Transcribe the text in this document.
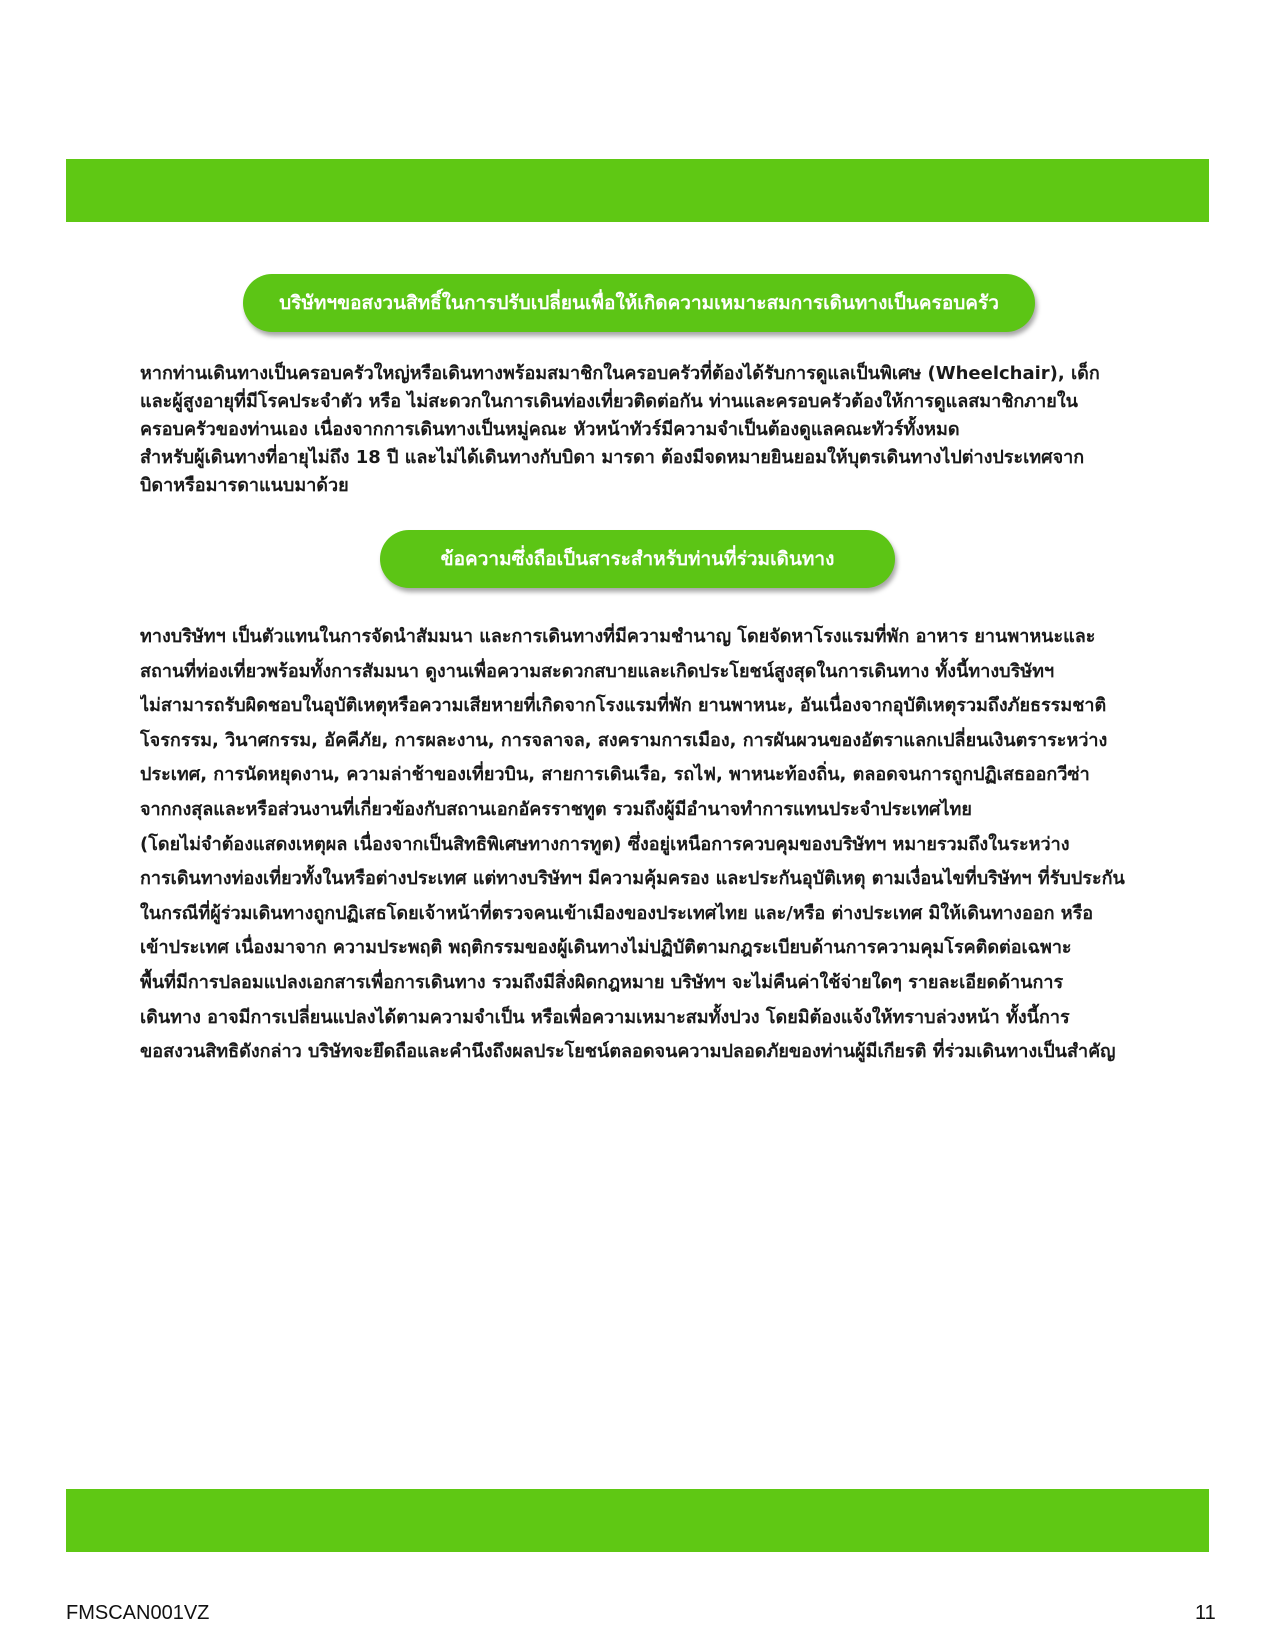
บริษัทฯขอสงวนสิทธิ์ในการปรับเปลี่ยนเพื่อให้เกิดความเหมาะสมการเดินทางเป็นครอบครัว
หากท่านเดินทางเป็นครอบครัวใหญ่หรือเดินทางพร้อมสมาชิกในครอบครัวที่ต้องได้รับการดูแลเป็นพิเศษ (Wheelchair), เด็ก
และผู้สูงอายุที่มีโรคประจำตัว หรือ ไม่สะดวกในการเดินท่องเที่ยวติดต่อกัน ท่านและครอบครัวต้องให้การดูแลสมาชิกภายใน
ครอบครัวของท่านเอง เนื่องจากการเดินทางเป็นหมู่คณะ หัวหน้าทัวร์มีความจำเป็นต้องดูแลคณะทัวร์ทั้งหมด
สำหรับผู้เดินทางที่อายุไม่ถึง 18 ปี และไม่ได้เดินทางกับบิดา มารดา ต้องมีจดหมายยินยอมให้บุตรเดินทางไปต่างประเทศจาก
บิดาหรือมารดาแนบมาด้วย
ข้อความซึ่งถือเป็นสาระสำหรับท่านที่ร่วมเดินทาง
ทางบริษัทฯ เป็นตัวแทนในการจัดนำสัมมนา และการเดินทางที่มีความชำนาญ โดยจัดหาโรงแรมที่พัก อาหาร ยานพาหนะและ
สถานที่ท่องเที่ยวพร้อมทั้งการสัมมนา ดูงานเพื่อความสะดวกสบายและเกิดประโยชน์สูงสุดในการเดินทาง ทั้งนี้ทางบริษัทฯ
ไม่สามารถรับผิดชอบในอุบัติเหตุหรือความเสียหายที่เกิดจากโรงแรมที่พัก ยานพาหนะ, อันเนื่องจากอุบัติเหตุรวมถึงภัยธรรมชาติ
โจรกรรม, วินาศกรรม, อัคคีภัย, การผละงาน, การจลาจล, สงครามการเมือง, การผันผวนของอัตราแลกเปลี่ยนเงินตราระหว่าง
ประเทศ, การนัดหยุดงาน, ความล่าช้าของเที่ยวบิน, สายการเดินเรือ, รถไฟ, พาหนะท้องถิ่น, ตลอดจนการถูกปฏิเสธออกวีซ่า
จากกงสุลและหรือส่วนงานที่เกี่ยวข้องกับสถานเอกอัครราชทูต รวมถึงผู้มีอำนาจทำการแทนประจำประเทศไทย
(โดยไม่จำต้องแสดงเหตุผล เนื่องจากเป็นสิทธิพิเศษทางการทูต) ซึ่งอยู่เหนือการควบคุมของบริษัทฯ หมายรวมถึงในระหว่าง
การเดินทางท่องเที่ยวทั้งในหรือต่างประเทศ แต่ทางบริษัทฯ มีความคุ้มครอง และประกันอุบัติเหตุ ตามเงื่อนไขที่บริษัทฯ ที่รับประกัน
ในกรณีที่ผู้ร่วมเดินทางถูกปฏิเสธโดยเจ้าหน้าที่ตรวจคนเข้าเมืองของประเทศไทย และ/หรือ ต่างประเทศ มิให้เดินทางออก หรือ
เข้าประเทศ เนื่องมาจาก ความประพฤติ พฤติกรรมของผู้เดินทางไม่ปฏิบัติตามกฎระเบียบด้านการความคุมโรคติดต่อเฉพาะ
พื้นที่มีการปลอมแปลงเอกสารเพื่อการเดินทาง รวมถึงมีสิ่งผิดกฎหมาย บริษัทฯ จะไม่คืนค่าใช้จ่ายใดๆ รายละเอียดด้านการ
เดินทาง อาจมีการเปลี่ยนแปลงได้ตามความจำเป็น หรือเพื่อความเหมาะสมทั้งปวง โดยมิต้องแจ้งให้ทราบล่วงหน้า ทั้งนี้การ
ขอสงวนสิทธิดังกล่าว บริษัทจะยึดถือและคำนึงถึงผลประโยชน์ตลอดจนความปลอดภัยของท่านผู้มีเกียรติ ที่ร่วมเดินทางเป็นสำคัญ
FMSCAN001VZ	11
